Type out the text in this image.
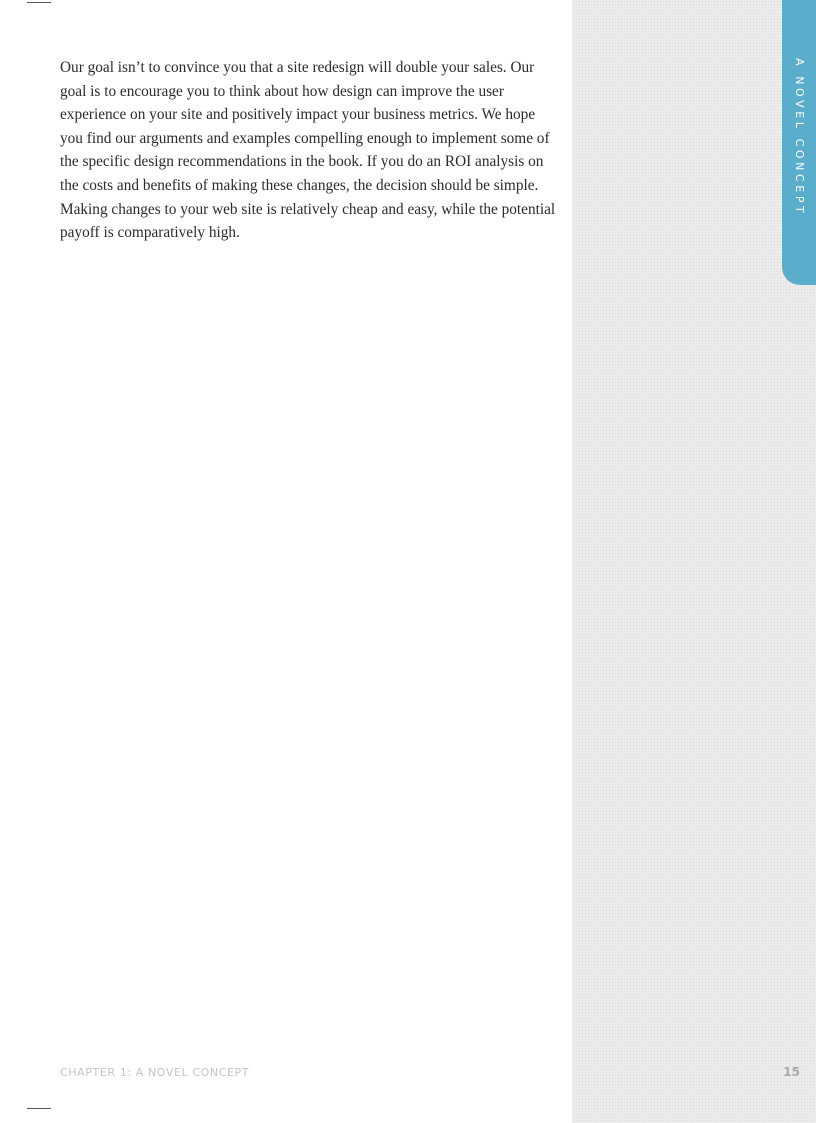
A NOVEL CONCEPT

Our goal isn’t to convince you that a site redesign will double your sales. Our goal is to encourage you to think about how design can improve the user experience on your site and positively impact your business metrics. We hope you find our arguments and examples compelling enough to implement some of the specific design recommendations in the book. If you do an ROI analysis on the costs and benefits of making these changes, the decision should be simple. Making changes to your web site is relatively cheap and easy, while the potential payoff is comparatively high.

CHAPTER 1: A NOVEL CONCEPT	15
